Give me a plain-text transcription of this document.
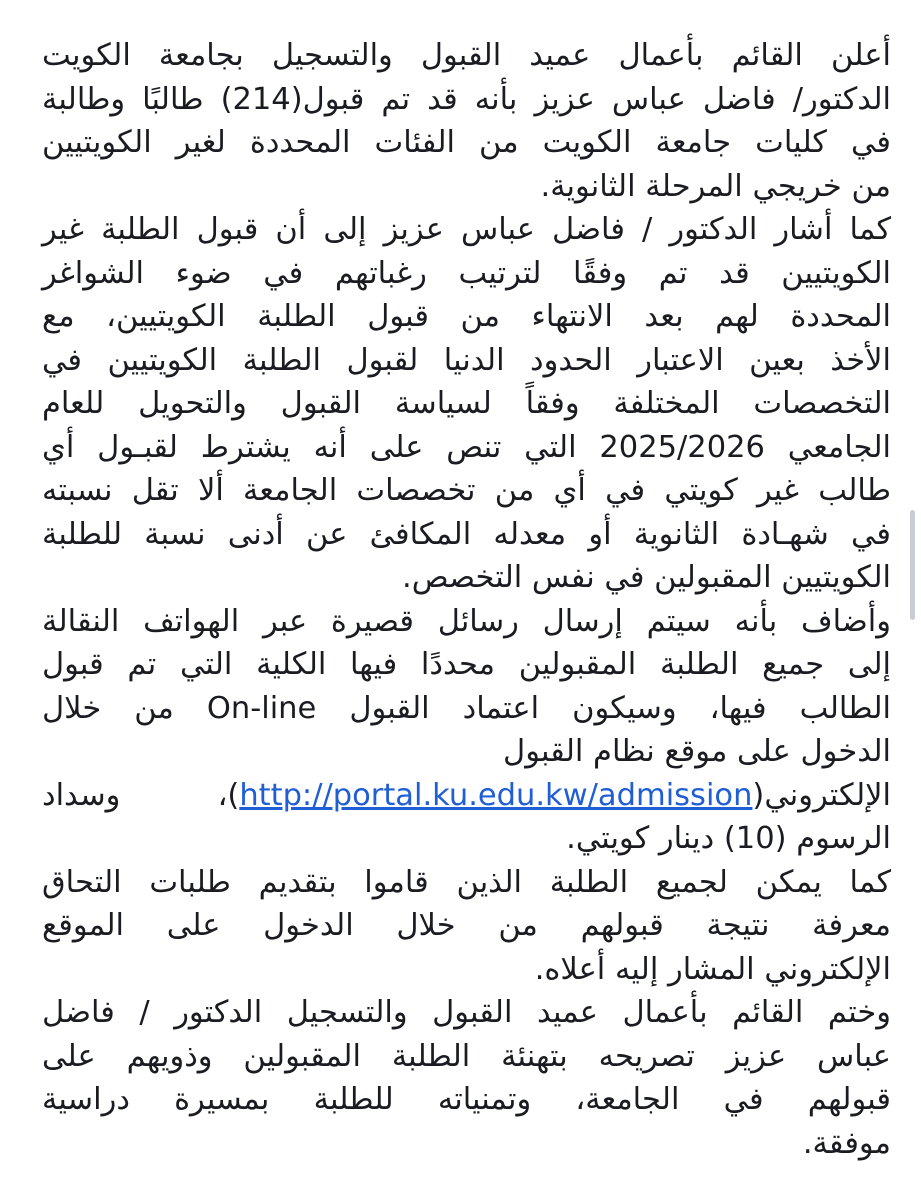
أعلن القائم بأعمال عميد القبول والتسجيل بجامعة الكويت
الدكتور/ فاضل عباس عزيز بأنه قد تم قبول(214) طالبًا وطالبة
في كليات جامعة الكويت من الفئات المحددة لغير الكويتيين
من خريجي المرحلة الثانوية.
كما أشار الدكتور / فاضل عباس عزيز إلى أن قبول الطلبة غير
الكويتيين قد تم وفقًا لترتيب رغباتهم في ضوء الشواغر
المحددة لهم بعد الانتهاء من قبول الطلبة الكويتيين، مع
الأخذ بعين الاعتبار الحدود الدنيا لقبول الطلبة الكويتيين في
التخصصات المختلفة وفقاً لسياسة القبول والتحويل للعام
الجامعي 2025/2026 التي تنص على أنه يشترط لقبـول أي
طالب غير كويتي في أي من تخصصات الجامعة ألا تقل نسبته
في شهـادة الثانوية أو معدله المكافئ عن أدنى نسبة للطلبة
الكويتيين المقبولين في نفس التخصص.
وأضاف بأنه سيتم إرسال رسائل قصيرة عبر الهواتف النقالة
إلى جميع الطلبة المقبولين محددًا فيها الكلية التي تم قبول
الطالب فيها، وسيكون اعتماد القبول On-line من خلال
الدخول على موقع نظام القبول
الإلكتروني(http://portal.ku.edu.kw/admission)، وسداد
الرسوم (10) دينار كويتي.
كما يمكن لجميع الطلبة الذين قاموا بتقديم طلبات التحاق
معرفة نتيجة قبولهم من خلال الدخول على الموقع
الإلكتروني المشار إليه أعلاه.
وختم القائم بأعمال عميد القبول والتسجيل الدكتور / فاضل
عباس عزيز تصريحه بتهنئة الطلبة المقبولين وذويهم على
قبولهم في الجامعة، وتمنياته للطلبة بمسيرة دراسية
موفقة.
